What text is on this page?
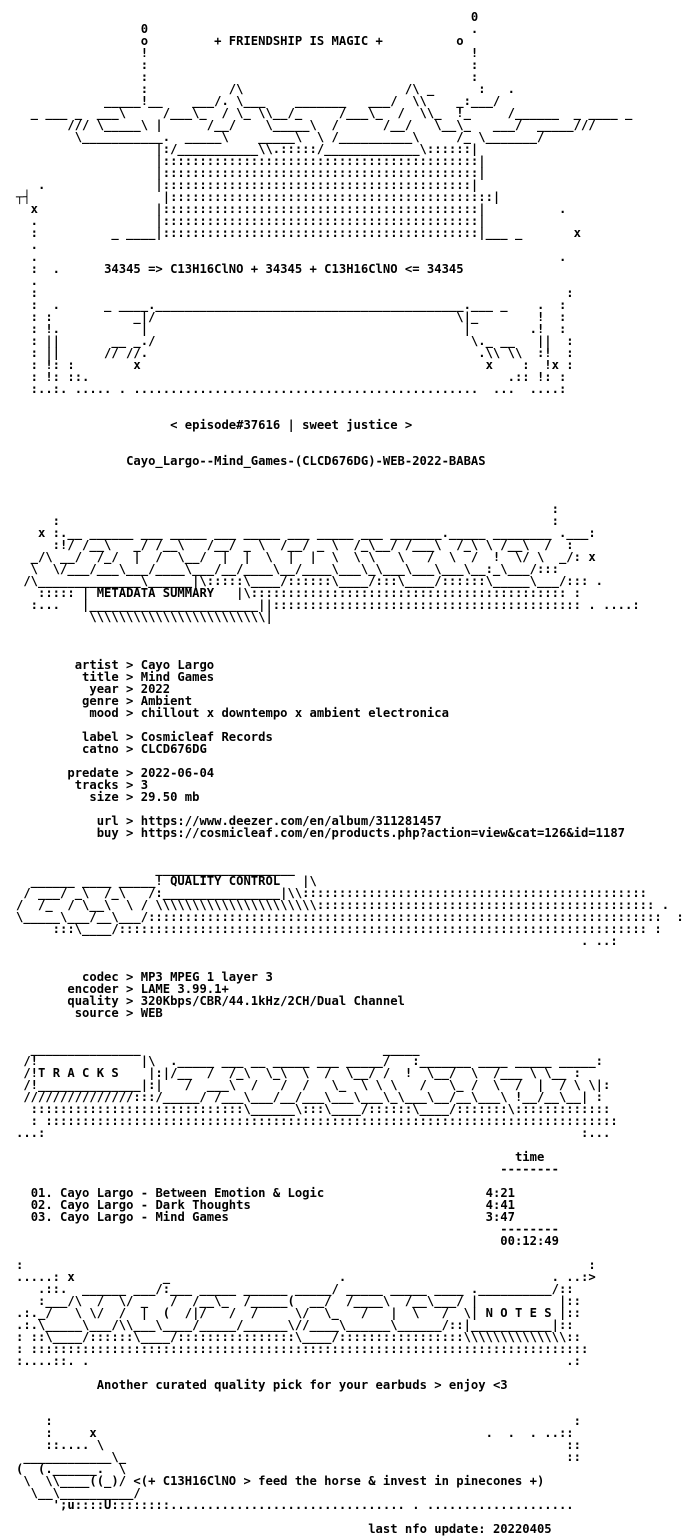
0
0                                            .
o         + FRIENDSHIP IS MAGIC +          o
!                                            !
:                                            :
:                                            :
:           /\                      /\ _      :   .
_____!__    ___/. \___    _______   ___/  \\    _:___/
_ ___ _  ___\     /___\_  / \_ \\__/_     /___\_  /  \\_  !_     /______  _ ____ _
/// \_____\ |      /__/    \_____\  /      /__/   \__\_   ___/  _____///
\___________.  _____\    _____\  \ /__________\     /_ \_______/
|:/___________\\.:::::/_____________\::::::|
|:::::::::::::::::::::::::::::::::::::::::::|
|:::::::::::::::::::::::::::::::::::::::::::|
.               |::::::::::::::::::::::::::::::::::::::::::|
┬┤                  |::::::::::::::::::::::::::::::::::::::::::::|
x                |:::::::::::::::::::::::::::::::::::::::::::|          .
.                |:::::::::::::::::::::::::::::::::::::::::::|
:          _ ____|:::::::::::::::::::::::::::::::::::::::::::|___ _       x
.
.                                                                       .
:  .      34345 => C13H16ClNO + 34345 + C13H16ClNO <= 34345
.
:                                                                        :
:  .      _ ____.__________________________________________.___ _    .  :
: :           _|/                                         \|_        !  :
: !.           |                                           |        .!  :
: ||       __ _./                                           \._ __   ||  :
: ||      // //.                                             .\\ \\  :!  :
: !: :        x                                               x    :  !x :
: !: ::.                                                         .:: !: :
:..:. ..... . ...............................................  ...  ....:

< episode#37616 | sweet justice >

Cayo_Largo--Mind_Games-(CLCD676DG)-WEB-2022-BABAS

:
:                                                                   :
x :.__ ______ ___ _____ ___ _____ ___ _____ ___ _______._____ ________ .___:
:!/ /__\   _/ /__\   /__/ _ \  /__/ _ \  /_\__/ /___\  /_\ \ /__\  /  :
_/\ __/  /_/  |  /  \__/  |  |  \  |  |  \  \ \   \   /  \  /  !  \/ \  _/: x
\  \/___/___\___/____\___/__/____\__/____\___\_\___\___\___\__:_\___/:::
/\______________\______|\:::::\____/::::::\____/:::\____/::::::\_____\___/::: .
::::: | METADATA SUMMARY   |\::::::::::::::::::::::::::::::::::::::::::: :
:...   |_______________________||:::::::::::::::::::::::::::::::::::::::::: . ....:
\\\\\\\\\\\\\\\\\\\\\\\\|

artist > Cayo Largo
title > Mind Games
year > 2022
genre > Ambient
mood > chillout x downtempo x ambient electronica

label > Cosmicleaf Records
catno > CLCD676DG

predate > 2022-06-04
tracks > 3
size > 29.50 mb

url > https://www.deezer.com/en/album/311281457
buy > https://cosmicleaf.com/en/products.php?action=view&cat=126&id=1187

___________________
______ ____ _____! QUALITY CONTROL   |\
/ ___/ _\  /_\   /:________________|\\:::::::::::::::::::::::::::::::::::::::::::::::
/  /_  / \__\  \ / \\\\\\\\\\\\\\\\\\\\\\:::::::::::::::::::::::::::::::::::::::::::::: .
\_____\___/__\___/::::::::::::::::::::::::::::::::::::::::::::::::::::::::::::::::::::::  :
:::\____/:::::::::::::::::::::::::::::::::::::::::::::::::::::::::::::::::::::::: :
. ..:

codec > MP3 MPEG 1 layer 3
encoder > LAME 3.99.1+
quality > 320Kbps/CBR/44.1kHz/2CH/Dual Channel
source > WEB

_______________                                 _____
/!              |\  ._____ ___ __ _____ ___ _____/   :_______ ____ _____ _____:
/!T R A C K S    |:|/__  /  /_\  \_\  \  /  \__/ /  !  \__/  \  /___ \ \__ :
/!______________|:|   /  ___\  /   /  /   \_  \ \ \   /   \_ /  \  /  |  / \ \|:
///////////////:::/_____/ /___\___/__/___\___\___\_\___\__/__\___\ !__/__\__| :
:::::::::::::::::::::::::::::\______\:::\____/::::::\____/:::::::\:::::::::::::
: ::::::::::::::::::::::::::::::::::::::::::::::::::::::::::::::::::::::::::::::
...:                                                                         :...

time
--------

01. Cayo Largo - Between Emotion & Logic	4:21
02. Cayo Largo - Dark Thoughts	4:41
03. Cayo Largo - Mind Games	3:47
--------
00:12:49

:                                                                             :
.....: x            _                       .                            . ..:>
.::.  ______ ___/:___ _____ ______ _____/ _____ _____ ____ .__________/::
:___/\  /  \/ _   /  /__\_  /_____(  __/  /____\  /__\___/ |           |::
.:._/   \ \/  /  |  (  /|/   /  /     \/  \_   /   |  \   /  \| N O T E S |::
.:.\_____\___/\\___\____/_____/______\//____\______\______/::|___________|::
: ::\____/::::::\____/::::::::::::::::\____/:::::::::::::::::\\\\\\\\\\\\\\::
: ::::::::::::::::::::::::::::::::::::::::::::::::::::::::::::::::::::::::::::
:....::. .                                                                 .:

Another curated quality pick for your earbuds > enjoy <3

:                                                                       :
:     x                                                     .  .  . ..::
::.... \                                                               ::
____________\_                                                            ::
(  (.______.  \
\  \\____((_)/ <(+ C13H16ClNO > feed the horse & invest in pinecones +)
\__\__________/
';u::::U::::::::................................ . ....................

last nfo update: 20220405
